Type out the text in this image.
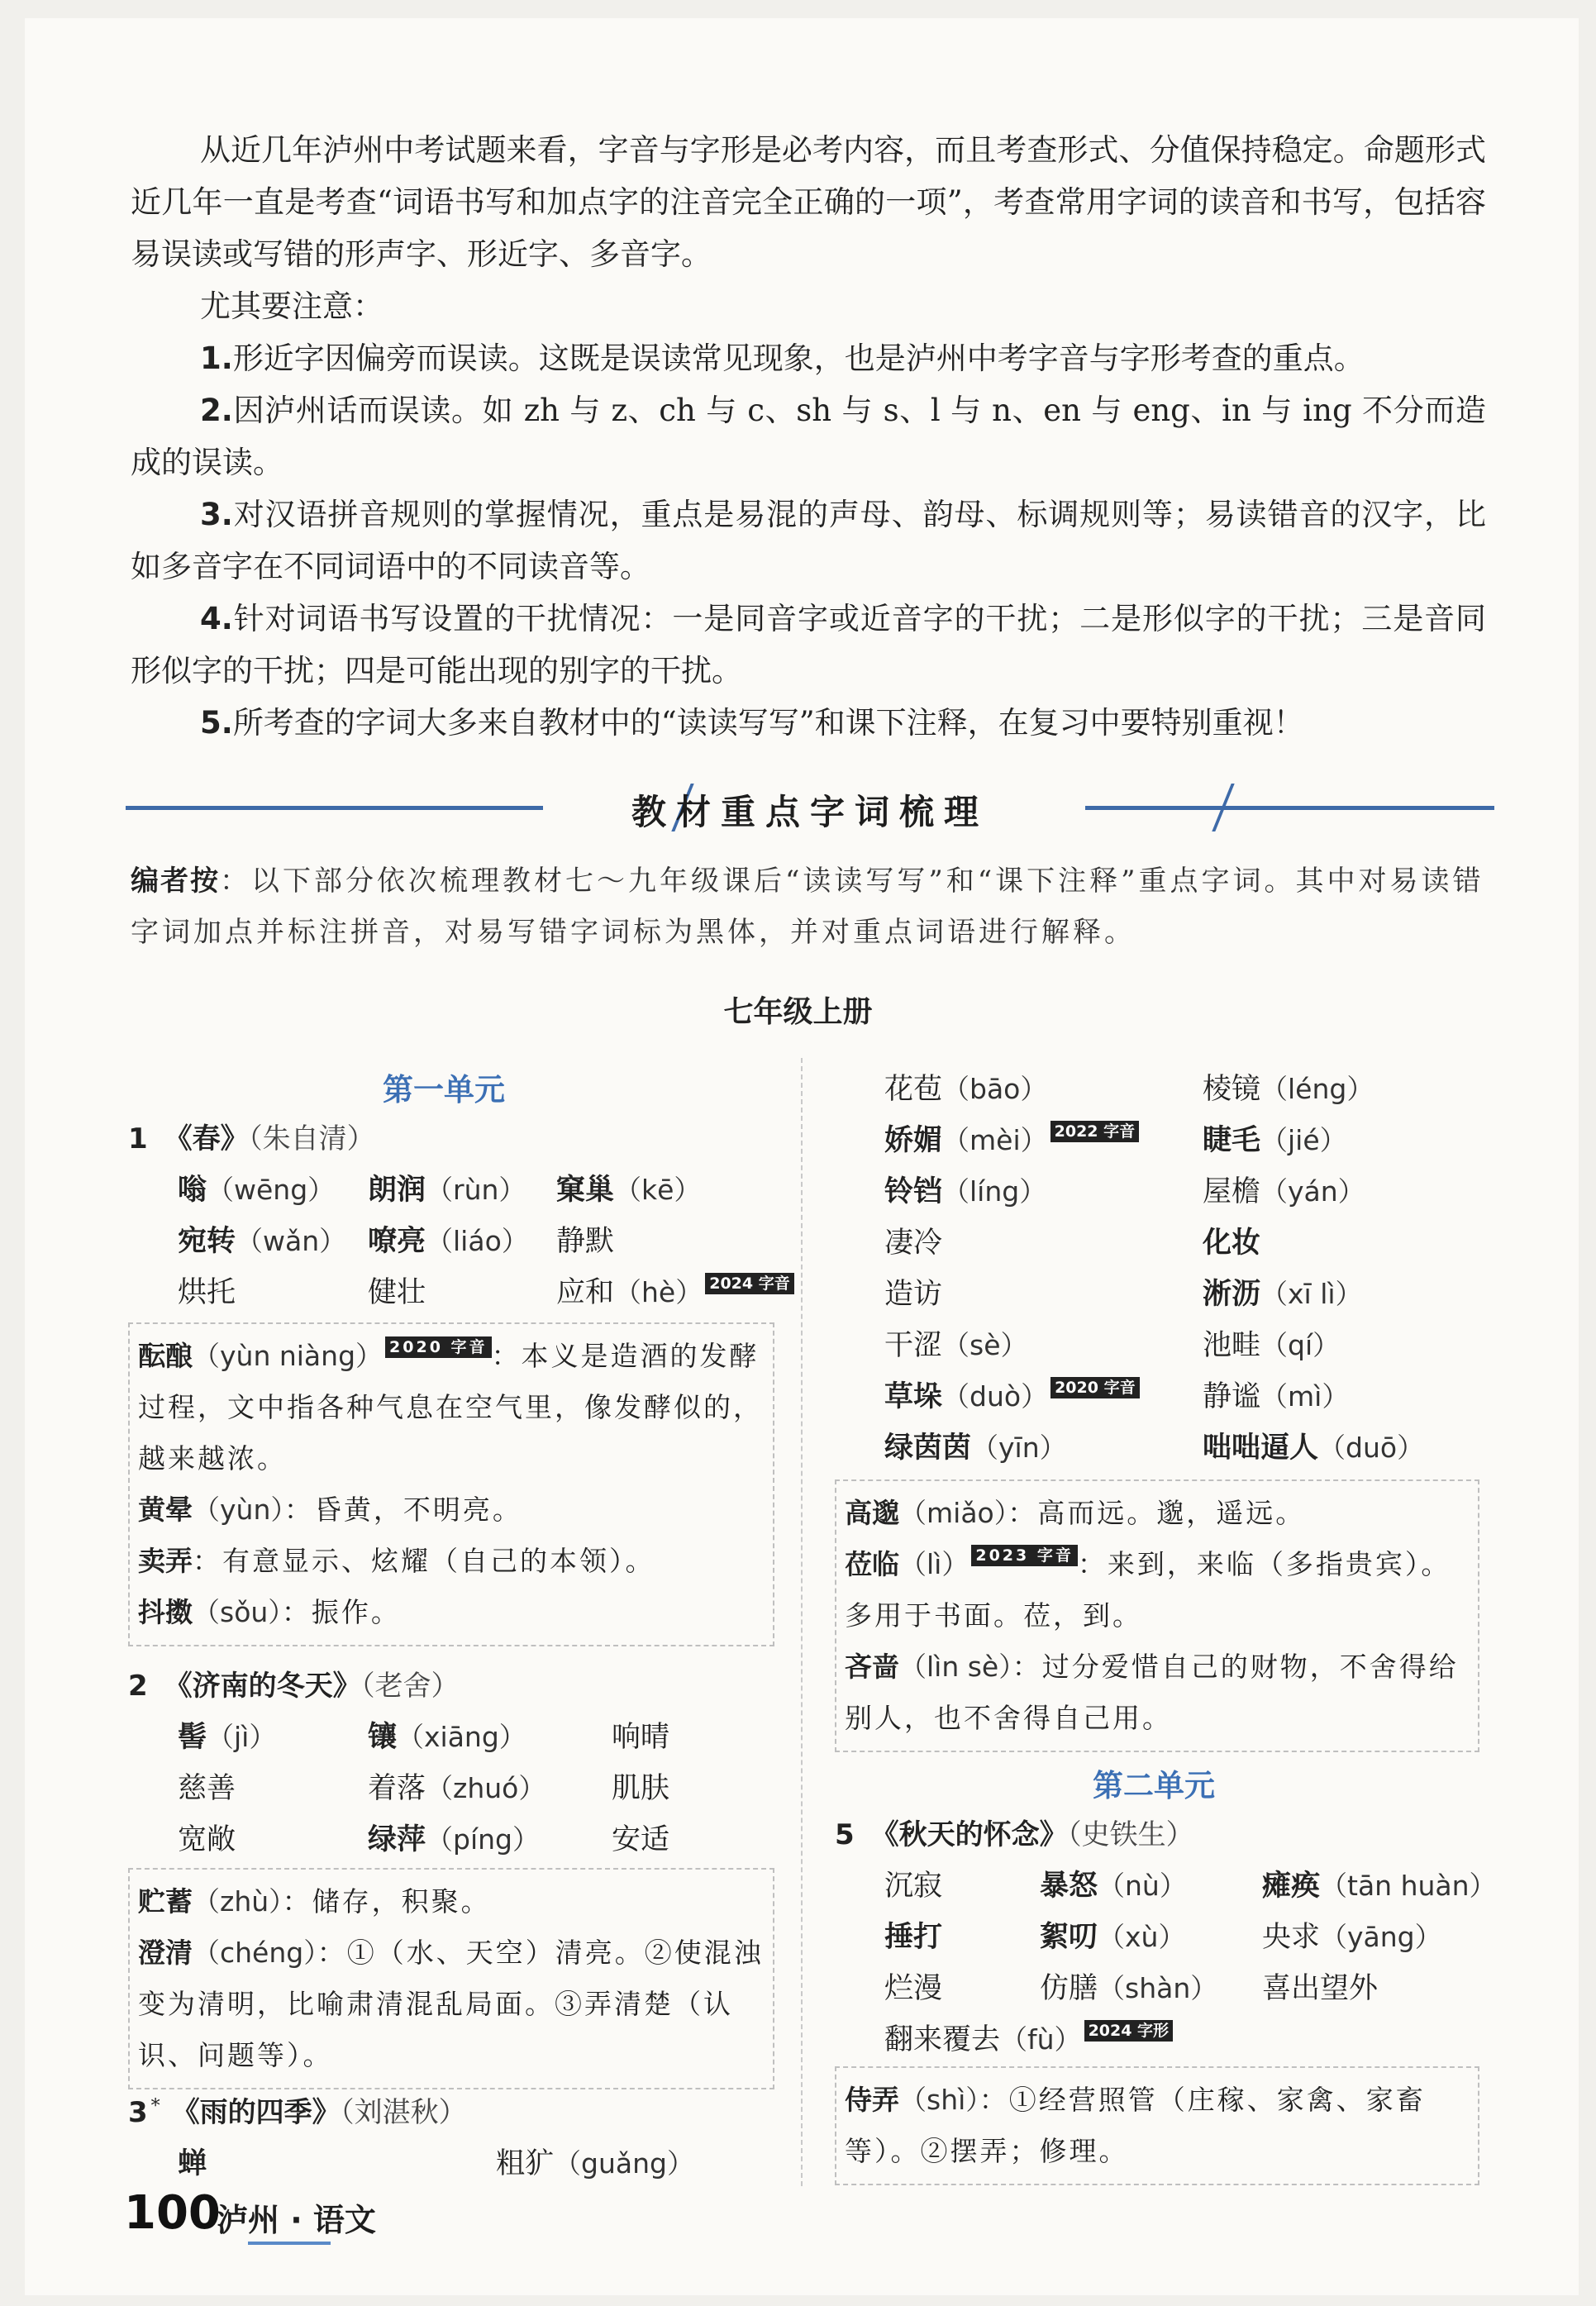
从近几年泸州中考试题来看，字音与字形是必考内容，而且考查形式、分值保持稳定。命题形式近几年一直是考查“词语书写和加点字的注音完全正确的一项”，考查常用字词的读音和书写，包括容易误读或写错的形声字、形近字、多音字。

尤其要注意：

1.形近字因偏旁而误读。这既是误读常见现象，也是泸州中考字音与字形考查的重点。

2.因泸州话而误读。如 zh 与 z、ch 与 c、sh 与 s、l 与 n、en 与 eng、in 与 ing 不分而造成的误读。

3.对汉语拼音规则的掌握情况，重点是易混的声母、韵母、标调规则等；易读错音的汉字，比如多音字在不同词语中的不同读音等。

4.针对词语书写设置的干扰情况：一是同音字或近音字的干扰；二是形似字的干扰；三是音同形似字的干扰；四是可能出现的别字的干扰。

5.所考查的字词大多来自教材中的“读读写写”和课下注释，在复习中要特别重视！

教材重点字词梳理
编者按：以下部分依次梳理教材七～九年级课后“读读写写”和“课下注释”重点字词。其中对易读错字词加点并标注拼音，对易写错字词标为黑体，并对重点词语进行解释。
七年级上册
第一单元
1 《春》（朱自清）
嗡（wēng） 朗润（rùn） 窠巢（kē）
宛转（wǎn） 嘹亮（liáo） 静默
烘托	健壮	应和（hè） 2024 字音

酝酿（yùn niàng） 2020 字音 ：本义是造酒的发酵过程，文中指各种气息在空气里，像发酵似的，越来越浓。

黄晕（yùn）：昏黄，不明亮。

卖弄：有意显示、炫耀（自己的本领）。

抖擞（sǒu）：振作。

2 《济南的冬天》（老舍）
髻（jì）	镶（xiāng）	响晴
慈善	着落（zhuó） 肌肤
宽敞	绿萍（píng） 安适

贮蓄（zhù）：储存，积聚。

澄清（chéng）：①（水、天空）清亮。②使混浊变为清明，比喻肃清混乱局面。③弄清楚（认识、问题等）。

3 * 《雨的四季》（刘湛秋）
蝉	粗犷（guǎng）
花苞（bāo）	棱镜（léng）
娇媚（mèi） 2022 字音 睫毛（jié）
铃铛（líng）	屋檐（yán）
凄冷	化妆
造访	淅沥（xī lì）
干涩（sè）	池畦（qí）
草垛（duò） 2020 字音 静谧（mì）
绿茵茵（yīn）	咄咄逼人（duō）

高邈（miǎo）：高而远。邈，遥远。

莅临（lì） 2023 字音 ：来到，来临（多指贵宾）。多用于书面。莅，到。

吝啬（lìn sè）：过分爱惜自己的财物，不舍得给别人，也不舍得自己用。

第二单元
5 《秋天的怀念》（史铁生）
沉寂	暴怒（nù）	瘫痪（tān huàn）
捶打	絮叨（xù）	央求（yāng）
烂漫	仿膳（shàn） 喜出望外
翻来覆去（fù） 2024 字形

侍弄（shì）：①经营照管（庄稼、家禽、家畜等）。②摆弄；修理。

100
泸州 · 语文
